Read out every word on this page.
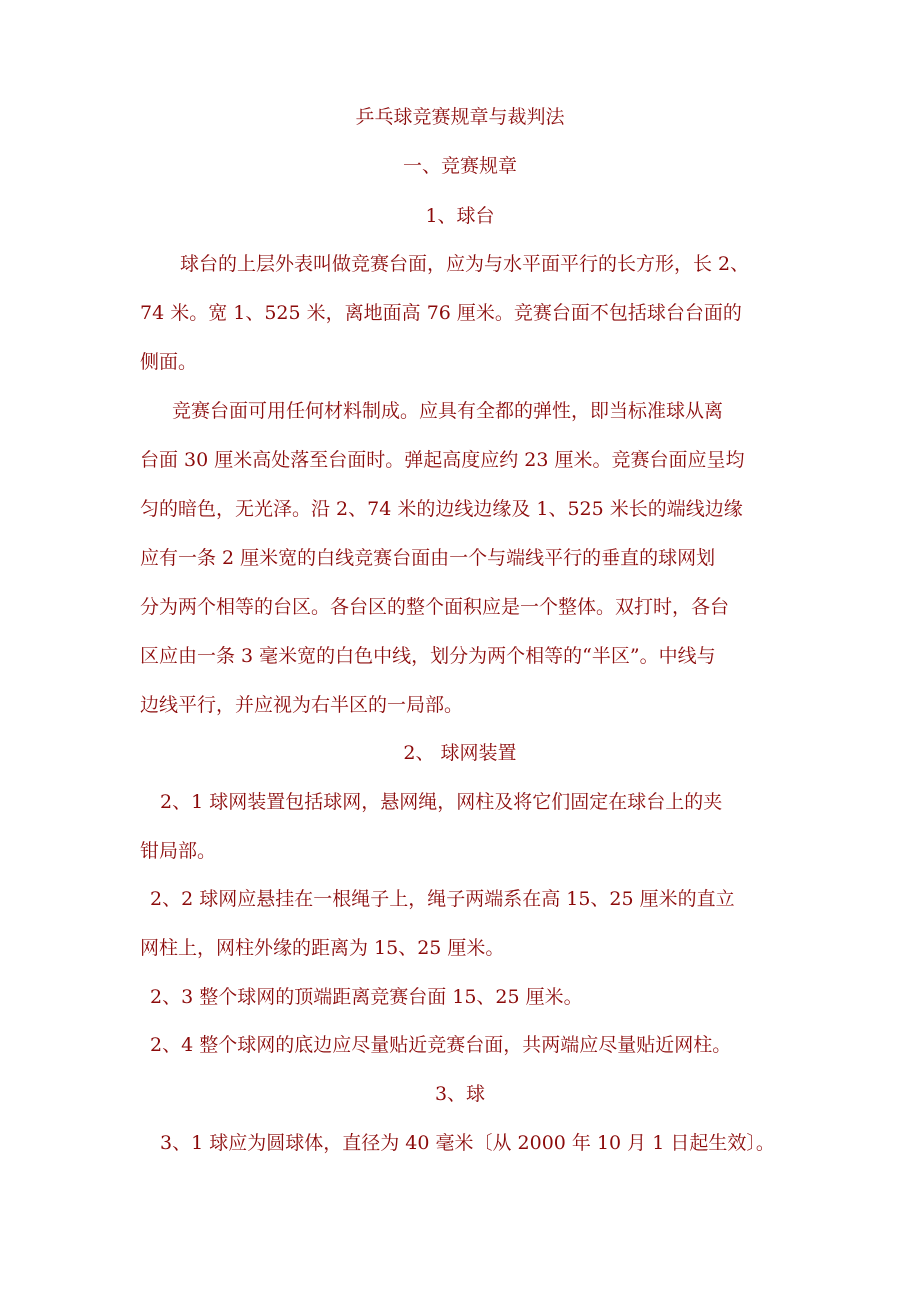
乒乓球竞赛规章与裁判法
一、竞赛规章
1、球台
球台的上层外表叫做竞赛台面，应为与水平面平行的长方形，长 2、
74 米。宽 1、525 米，离地面高 76 厘米。竞赛台面不包括球台台面的
侧面。
竞赛台面可用任何材料制成。应具有全都的弹性，即当标准球从离
台面 30 厘米高处落至台面时。弹起高度应约 23 厘米。竞赛台面应呈均
匀的暗色，无光泽。沿 2、74 米的边线边缘及 1、525 米长的端线边缘
应有一条 2 厘米宽的白线竞赛台面由一个与端线平行的垂直的球网划
分为两个相等的台区。各台区的整个面积应是一个整体。双打时，各台
区应由一条 3 毫米宽的白色中线，划分为两个相等的“半区”。中线与
边线平行，并应视为右半区的一局部。
2、 球网装置
2、1 球网装置包括球网，悬网绳，网柱及将它们固定在球台上的夹
钳局部。
2、2 球网应悬挂在一根绳子上，绳子两端系在高 15、25 厘米的直立
网柱上，网柱外缘的距离为 15、25 厘米。
2、3 整个球网的顶端距离竞赛台面 15、25 厘米。
2、4 整个球网的底边应尽量贴近竞赛台面，共两端应尽量贴近网柱。
3、球
3、1 球应为圆球体，直径为 40 毫米〔从 2000 年 10 月 1 日起生效〕。
